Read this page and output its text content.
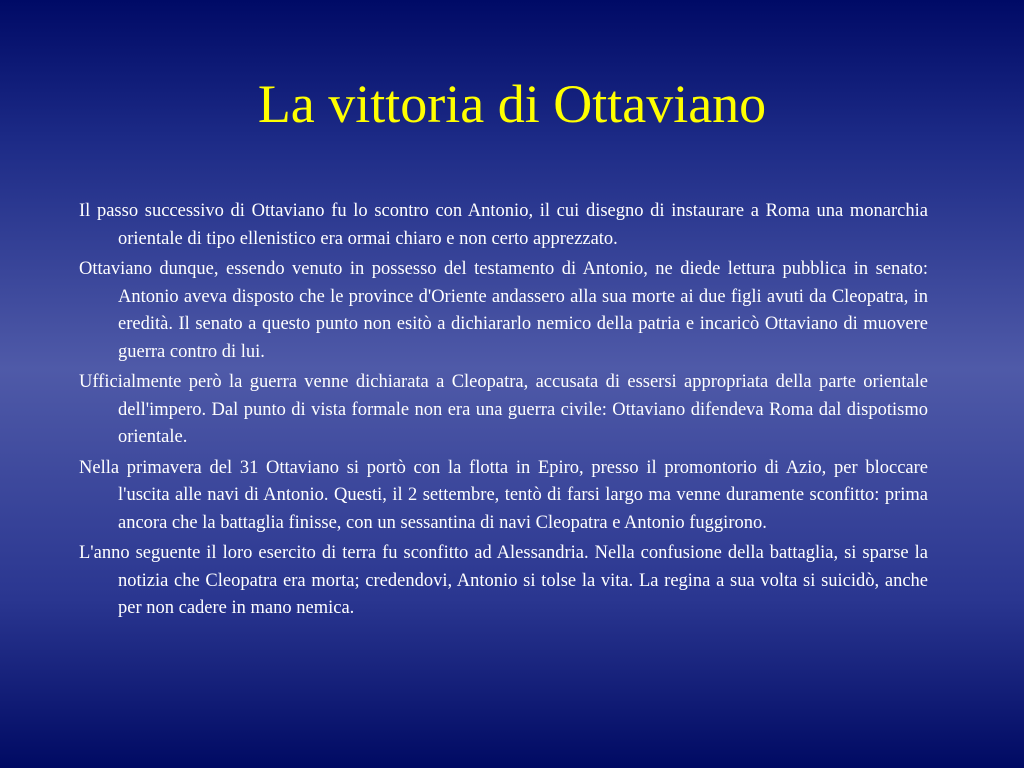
La vittoria di Ottaviano

Il passo successivo di Ottaviano fu lo scontro con Antonio, il cui disegno di instaurare a Roma una monarchia orientale di tipo ellenistico era ormai chiaro e non certo apprezzato.

Ottaviano dunque, essendo venuto in possesso del testamento di Antonio, ne diede lettura pubblica in senato: Antonio aveva disposto che le province d'Oriente andassero alla sua morte ai due figli avuti da Cleopatra, in eredità. Il senato a questo punto non esitò a dichiararlo nemico della patria e incaricò Ottaviano di muovere guerra contro di lui.

Ufficialmente però la guerra venne dichiarata a Cleopatra, accusata di essersi appropriata della parte orientale dell'impero. Dal punto di vista formale non era una guerra civile: Ottaviano difendeva Roma dal dispotismo orientale.

Nella primavera del 31 Ottaviano si portò con la flotta in Epiro, presso il promontorio di Azio, per bloccare l'uscita alle navi di Antonio. Questi, il 2 settembre, tentò di farsi largo ma venne duramente sconfitto: prima ancora che la battaglia finisse, con un sessantina di navi Cleopatra e Antonio fuggirono.

L'anno seguente il loro esercito di terra fu sconfitto ad Alessandria. Nella confusione della battaglia, si sparse la notizia che Cleopatra era morta; credendovi, Antonio si tolse la vita. La regina a sua volta si suicidò, anche per non cadere in mano nemica.
